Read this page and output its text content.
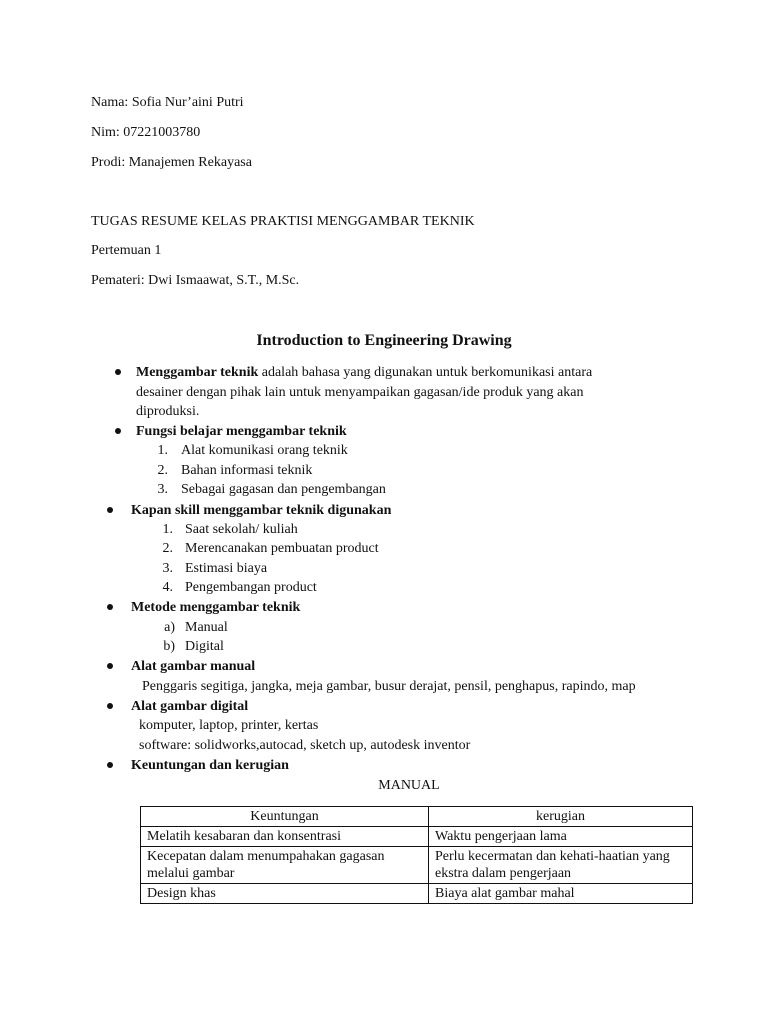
Nama: Sofia Nur’aini Putri
Nim: 07221003780
Prodi: Manajemen Rekayasa
TUGAS RESUME KELAS PRAKTISI MENGGAMBAR TEKNIK
Pertemuan 1
Pemateri: Dwi Ismaawat, S.T., M.Sc.
Introduction to Engineering Drawing
Menggambar teknik adalah bahasa yang digunakan untuk berkomunikasi antara
desainer dengan pihak lain untuk menyampaikan gagasan/ide produk yang akan
diproduksi.
Fungsi belajar menggambar teknik
1. Alat komunikasi orang teknik
2. Bahan informasi teknik
3. Sebagai gagasan dan pengembangan
Kapan skill menggambar teknik digunakan
1. Saat sekolah/ kuliah
2. Merencanakan pembuatan product
3. Estimasi biaya
4. Pengembangan product
Metode menggambar teknik
a) Manual
b) Digital
Alat gambar manual
Penggaris segitiga, jangka, meja gambar, busur derajat, pensil, penghapus, rapindo, map
Alat gambar digital
komputer, laptop, printer, kertas
software: solidworks,autocad, sketch up, autodesk inventor
Keuntungan dan kerugian
MANUAL
Keuntungan	kerugian
Melatih kesabaran dan konsentrasi	Waktu pengerjaan lama
Kecepatan dalam menumpahakan gagasan melalui gambar	Perlu kecermatan dan kehati-haatian yang ekstra dalam pengerjaan
Design khas	Biaya alat gambar mahal
